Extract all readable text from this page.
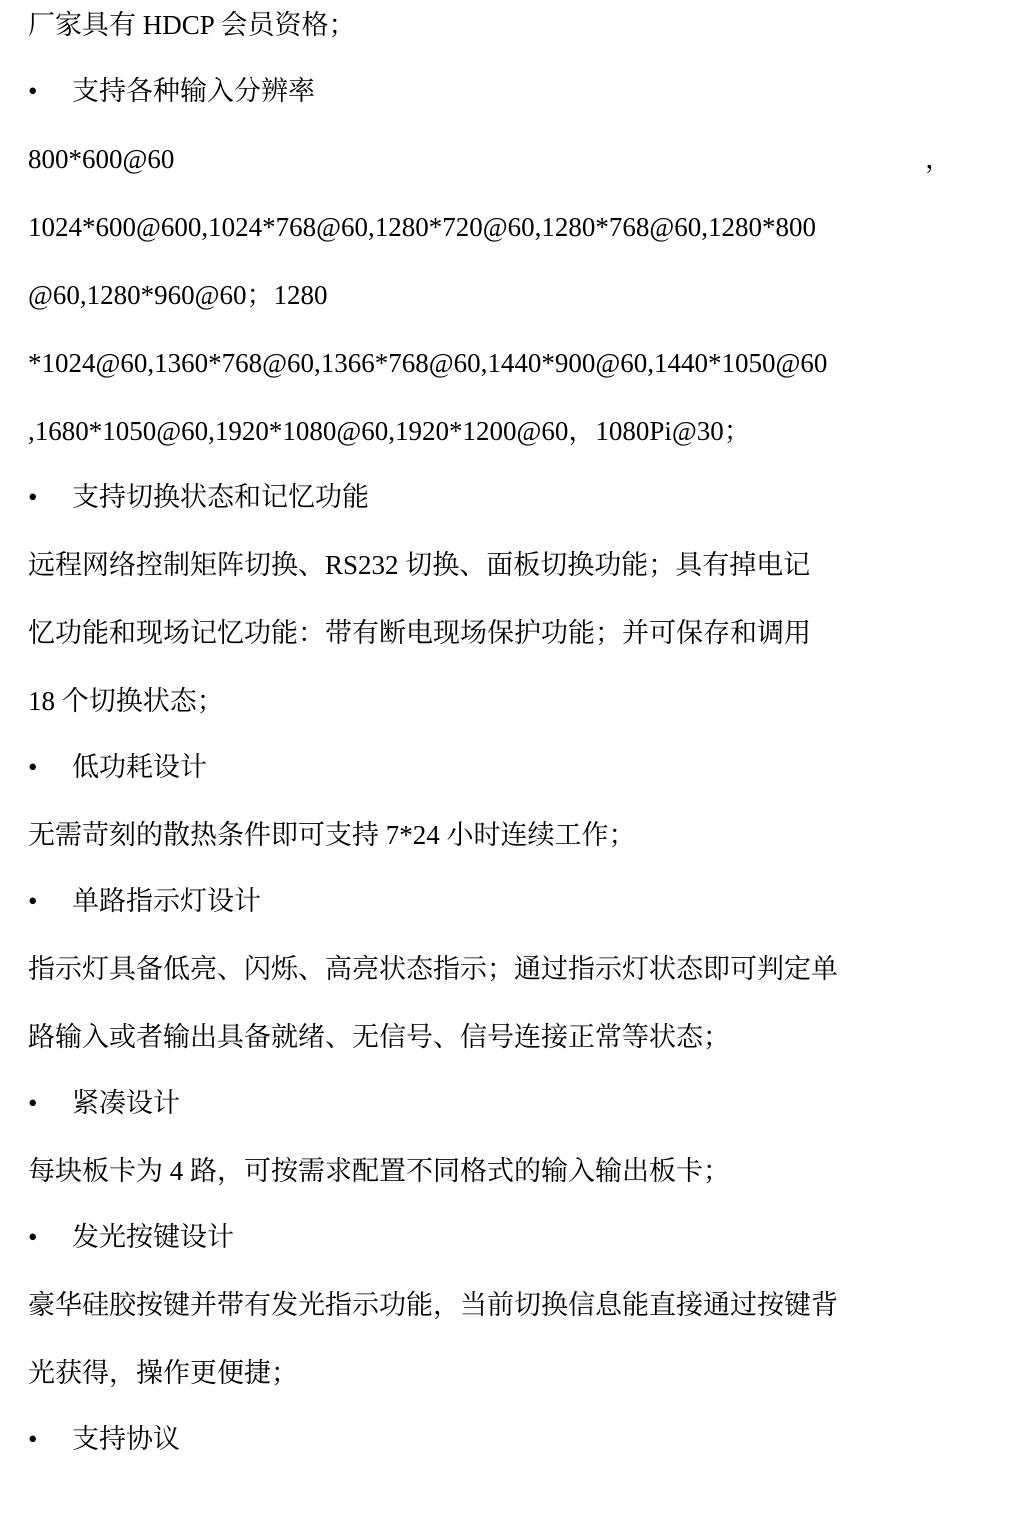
厂家具有 HDCP 会员资格；
• 支持各种输入分辨率
800*600@60	，
1024*600@600,1024*768@60,1280*720@60,1280*768@60,1280*800
@60,1280*960@60；1280
*1024@60,1360*768@60,1366*768@60,1440*900@60,1440*1050@60
,1680*1050@60,1920*1080@60,1920*1200@60，1080Pi@30；
• 支持切换状态和记忆功能
远程网络控制矩阵切换、RS232 切换、面板切换功能；具有掉电记
忆功能和现场记忆功能：带有断电现场保护功能；并可保存和调用
18 个切换状态；
• 低功耗设计
无需苛刻的散热条件即可支持 7*24 小时连续工作；
• 单路指示灯设计
指示灯具备低亮、闪烁、高亮状态指示；通过指示灯状态即可判定单
路输入或者输出具备就绪、无信号、信号连接正常等状态；
• 紧凑设计
每块板卡为 4 路，可按需求配置不同格式的输入输出板卡；
• 发光按键设计
豪华硅胶按键并带有发光指示功能，当前切换信息能直接通过按键背
光获得，操作更便捷；
• 支持协议
